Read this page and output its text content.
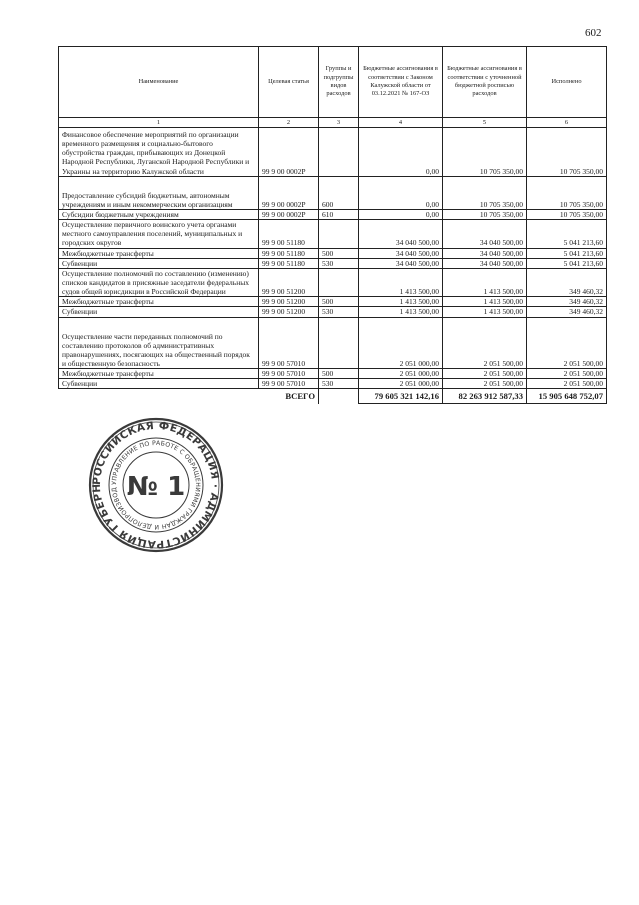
602
Наименование	Целевая статья	Группы и подгруппы видов расходов	Бюджетные ассигнования в соответствии с Законом Калужской области от 03.12.2021 № 167-ОЗ	Бюджетные ассигнования в соответствии с уточненной бюджетной росписью расходов	Исполнено
1	2	3	4	5	6
Финансовое обеспечение мероприятий по организации временного размещения и социально-бытового обустройства граждан, прибывающих из Донецкой Народной Республики, Луганской Народной Республики и Украины на территорию Калужской области	99 9 00 0002Р		0,00	10 705 350,00	10 705 350,00
Предоставление субсидий бюджетным, автономным учреждениям и иным некоммерческим организациям	99 9 00 0002Р	600	0,00	10 705 350,00	10 705 350,00
Субсидии бюджетным учреждениям	99 9 00 0002Р	610	0,00	10 705 350,00	10 705 350,00
Осуществление первичного воинского учета органами местного самоуправления поселений, муниципальных и городских округов	99 9 00 51180		34 040 500,00	34 040 500,00	5 041 213,60
Межбюджетные трансферты	99 9 00 51180	500	34 040 500,00	34 040 500,00	5 041 213,60
Субвенции	99 9 00 51180	530	34 040 500,00	34 040 500,00	5 041 213,60
Осуществление полномочий по составлению (изменению) списков кандидатов в присяжные заседатели федеральных судов общей юрисдикции в Российской Федерации	99 9 00 51200		1 413 500,00	1 413 500,00	349 460,32
Межбюджетные трансферты	99 9 00 51200	500	1 413 500,00	1 413 500,00	349 460,32
Субвенции	99 9 00 51200	530	1 413 500,00	1 413 500,00	349 460,32
Осуществление части переданных полномочий по составлению протоколов об административных правонарушениях, посягающих на общественный порядок и общественную безопасность	99 9 00 57010		2 051 000,00	2 051 500,00	2 051 500,00
Межбюджетные трансферты	99 9 00 57010	500	2 051 000,00	2 051 500,00	2 051 500,00
Субвенции	99 9 00 57010	530	2 051 000,00	2 051 500,00	2 051 500,00
ВСЕГО			79 605 321 142,16	82 263 912 587,33	15 905 648 752,07
РОССИЙСКАЯ ФЕДЕРАЦИЯ · АДМИНИСТРАЦИЯ ГУБЕРН
УПРАВЛЕНИЕ ПО РАБОТЕ С ОБРАЩЕНИЯМИ ГРАЖДАН И ДЕЛОПРОИЗВОД № 1
